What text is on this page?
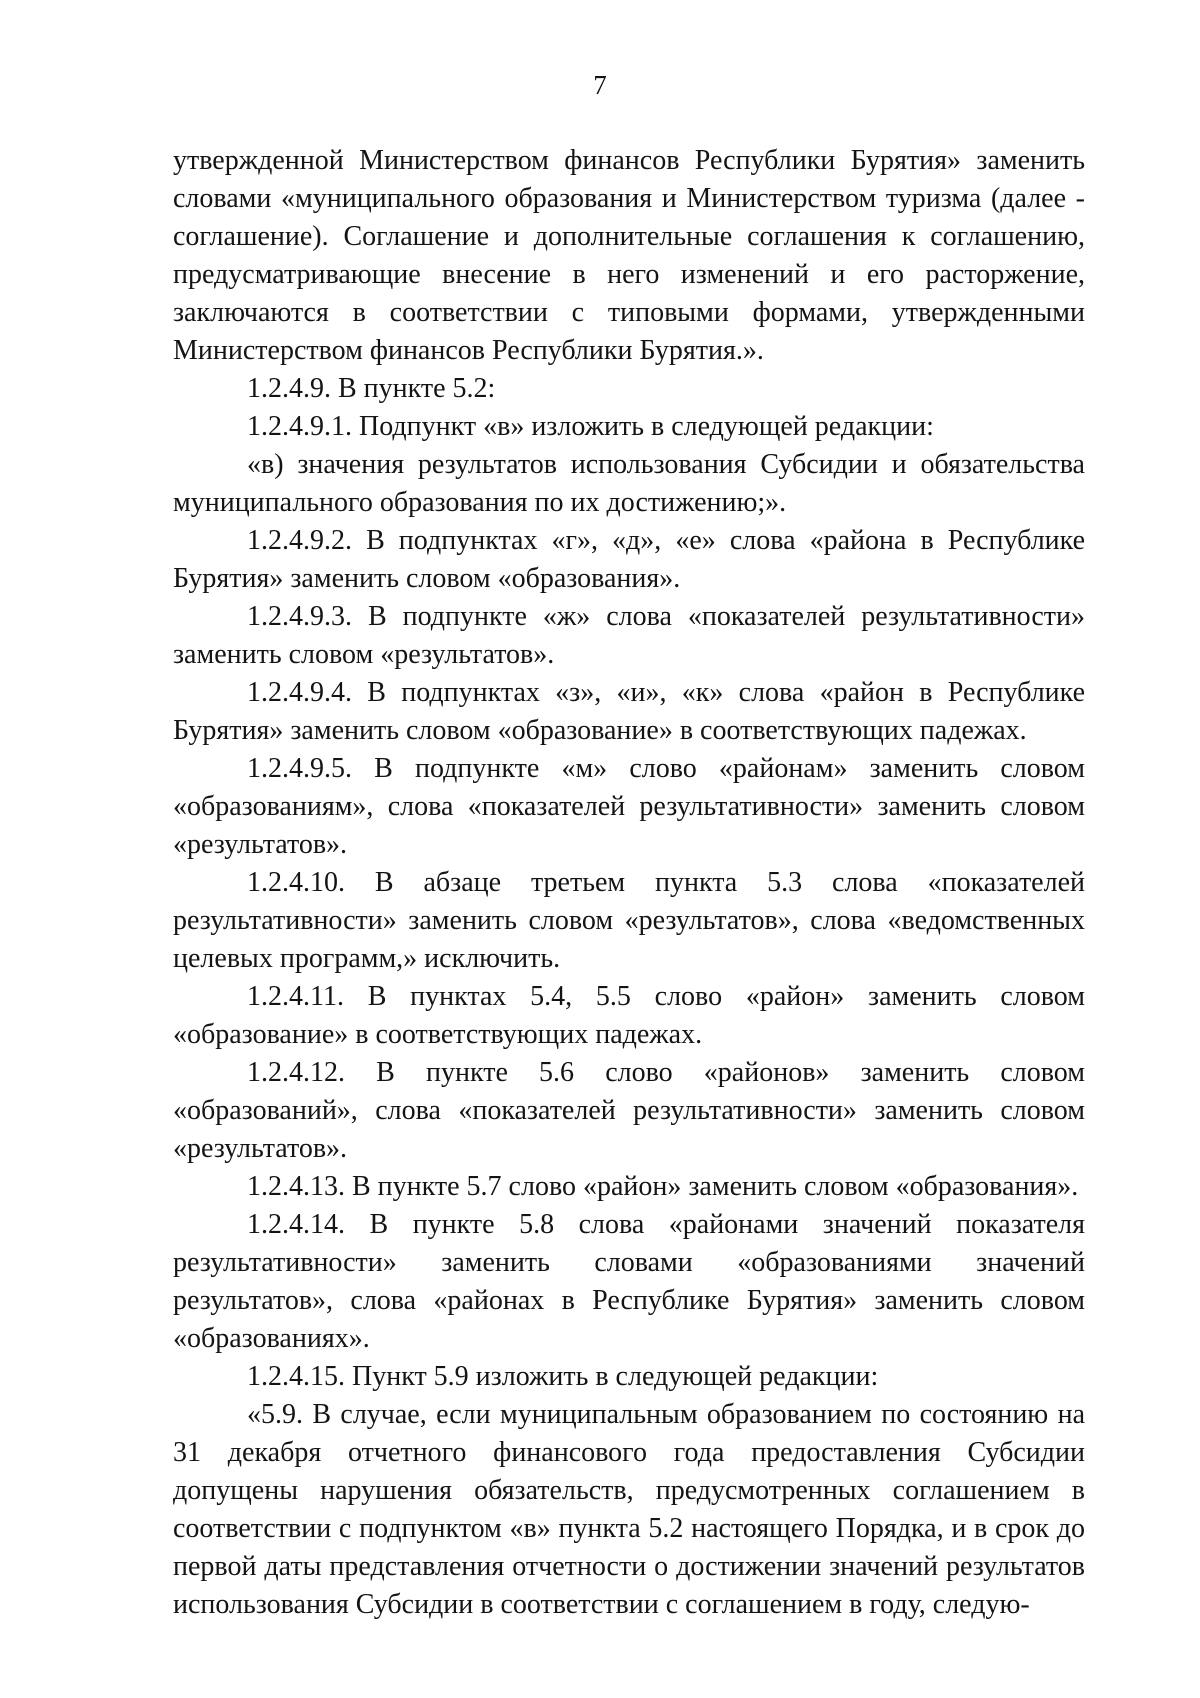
7

утвержденной Министерством финансов Республики Бурятия» заменить словами «муниципального образования и Министерством туризма (далее - соглашение). Соглашение и дополнительные соглашения к соглашению, предусматривающие внесение в него изменений и его расторжение, заключаются в соответствии с типовыми формами, утвержденными Министерством финансов Республики Бурятия.».

1.2.4.9. В пункте 5.2:

1.2.4.9.1. Подпункт «в» изложить в следующей редакции:

«в) значения результатов использования Субсидии и обязательства муниципального образования по их достижению;».

1.2.4.9.2. В подпунктах «г», «д», «е» слова «района в Республике Бурятия» заменить словом «образования».

1.2.4.9.3. В подпункте «ж» слова «показателей результативности» заменить словом «результатов».

1.2.4.9.4. В подпунктах «з», «и», «к» слова «район в Республике Бурятия» заменить словом «образование» в соответствующих падежах.

1.2.4.9.5. В подпункте «м» слово «районам» заменить словом «образованиям», слова «показателей результативности» заменить словом «результатов».

1.2.4.10. В абзаце третьем пункта 5.3 слова «показателей результативности» заменить словом «результатов», слова «ведомственных целевых программ,» исключить.

1.2.4.11. В пунктах 5.4, 5.5 слово «район» заменить словом «образование» в соответствующих падежах.

1.2.4.12. В пункте 5.6 слово «районов» заменить словом «образований», слова «показателей результативности» заменить словом «результатов».

1.2.4.13. В пункте 5.7 слово «район» заменить словом «образования».

1.2.4.14. В пункте 5.8 слова «районами значений показателя результативности» заменить словами «образованиями значений результатов», слова «районах в Республике Бурятия» заменить словом «образованиях».

1.2.4.15. Пункт 5.9 изложить в следующей редакции:

«5.9. В случае, если муниципальным образованием по состоянию на 31 декабря отчетного финансового года предоставления Субсидии допущены нарушения обязательств, предусмотренных соглашением в соответствии с подпунктом «в» пункта 5.2 настоящего Порядка, и в срок до первой даты представления отчетности о достижении значений результатов использования Субсидии в соответствии с соглашением в году, следую-
